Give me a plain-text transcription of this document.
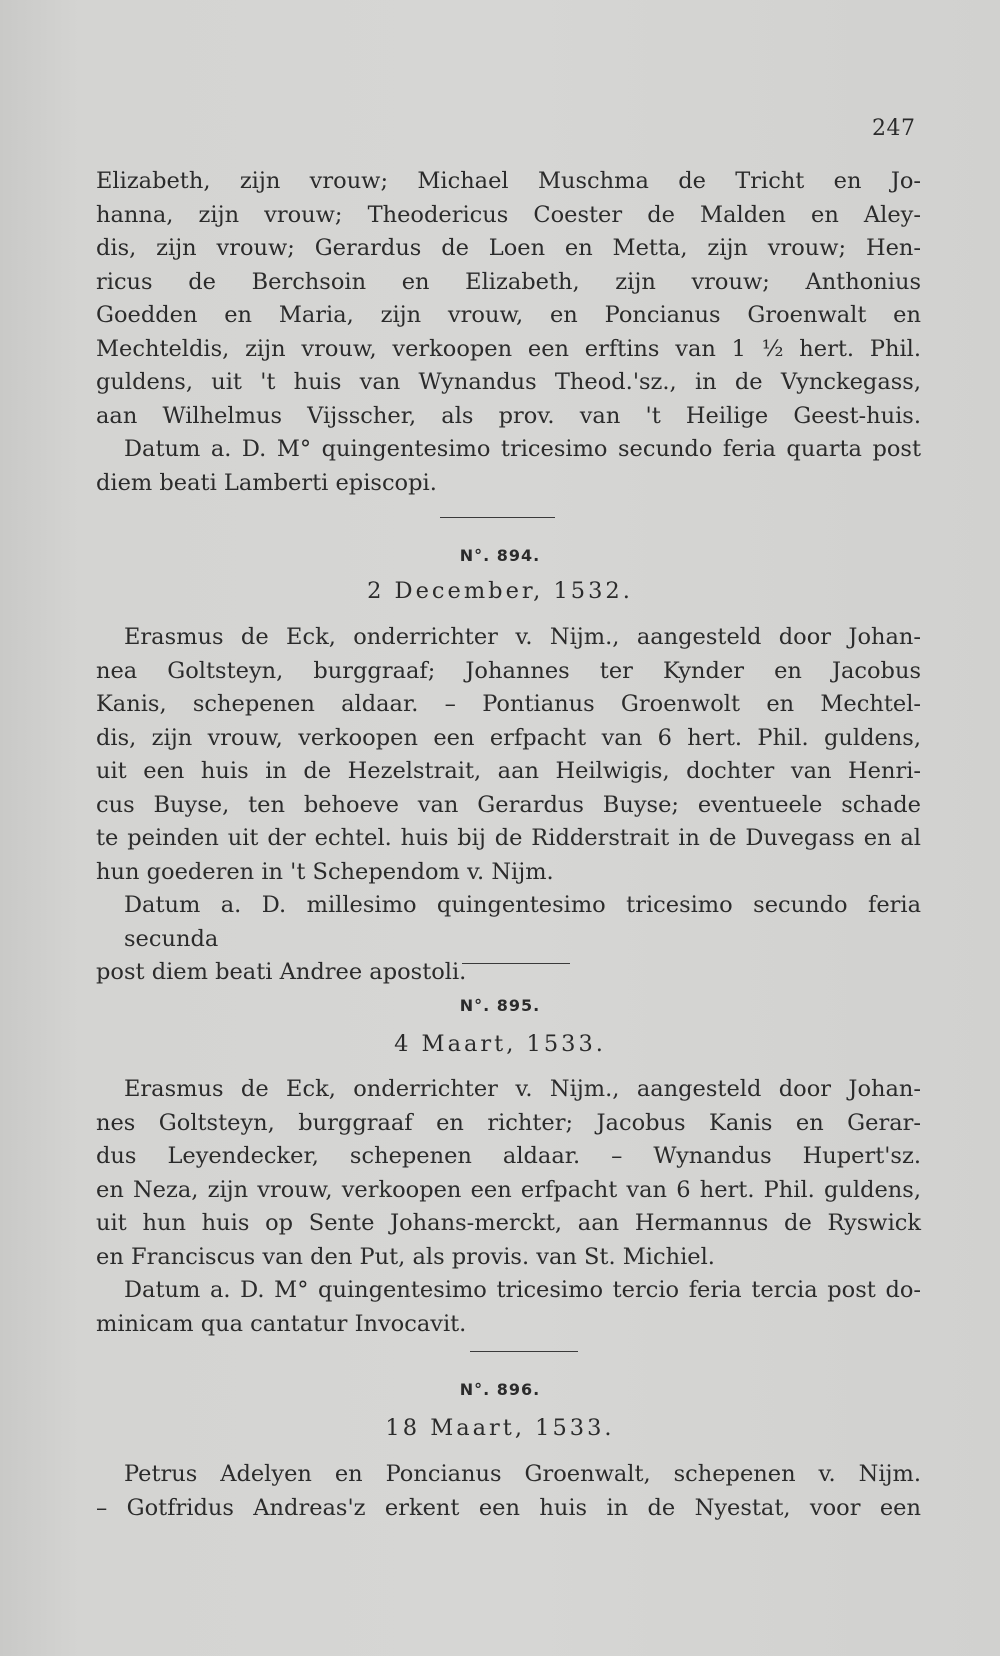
247
Elizabeth, zijn vrouw; Michael Muschma de Tricht en Jo-
hanna, zijn vrouw; Theodericus Coester de Malden en Aley-
dis, zijn vrouw; Gerardus de Loen en Metta, zijn vrouw; Hen-
ricus de Berchsoin en Elizabeth, zijn vrouw; Anthonius
Goedden en Maria, zijn vrouw, en Poncianus Groenwalt en
Mechteldis, zijn vrouw, verkoopen een erftins van 1 ½ hert. Phil.
guldens, uit 't huis van Wynandus Theod.'sz., in de Vynckegass,
aan Wilhelmus Vijsscher, als prov. van 't Heilige Geest-huis.
Datum a. D. M° quingentesimo tricesimo secundo feria quarta post
diem beati Lamberti episcopi.
N°. 894.
2 December, 1532.
Erasmus de Eck, onderrichter v. Nijm., aangesteld door Johan-
nea Goltsteyn, burggraaf; Johannes ter Kynder en Jacobus
Kanis, schepenen aldaar. – Pontianus Groenwolt en Mechtel-
dis, zijn vrouw, verkoopen een erfpacht van 6 hert. Phil. guldens,
uit een huis in de Hezelstrait, aan Heilwigis, dochter van Henri-
cus Buyse, ten behoeve van Gerardus Buyse; eventueele schade
te peinden uit der echtel. huis bij de Ridderstrait in de Duvegass en al
hun goederen in 't Schependom v. Nijm.
Datum a. D. millesimo quingentesimo tricesimo secundo feria secunda
post diem beati Andree apostoli.
N°. 895.
4 Maart, 1533.
Erasmus de Eck, onderrichter v. Nijm., aangesteld door Johan-
nes Goltsteyn, burggraaf en richter; Jacobus Kanis en Gerar-
dus Leyendecker, schepenen aldaar. – Wynandus Hupert'sz.
en Neza, zijn vrouw, verkoopen een erfpacht van 6 hert. Phil. guldens,
uit hun huis op Sente Johans-merckt, aan Hermannus de Ryswick
en Franciscus van den Put, als provis. van St. Michiel.
Datum a. D. M° quingentesimo tricesimo tercio feria tercia post do-
minicam qua cantatur Invocavit.
N°. 896.
18 Maart, 1533.
Petrus Adelyen en Poncianus Groenwalt, schepenen v. Nijm.
– Gotfridus Andreas'z erkent een huis in de Nyestat, voor een
